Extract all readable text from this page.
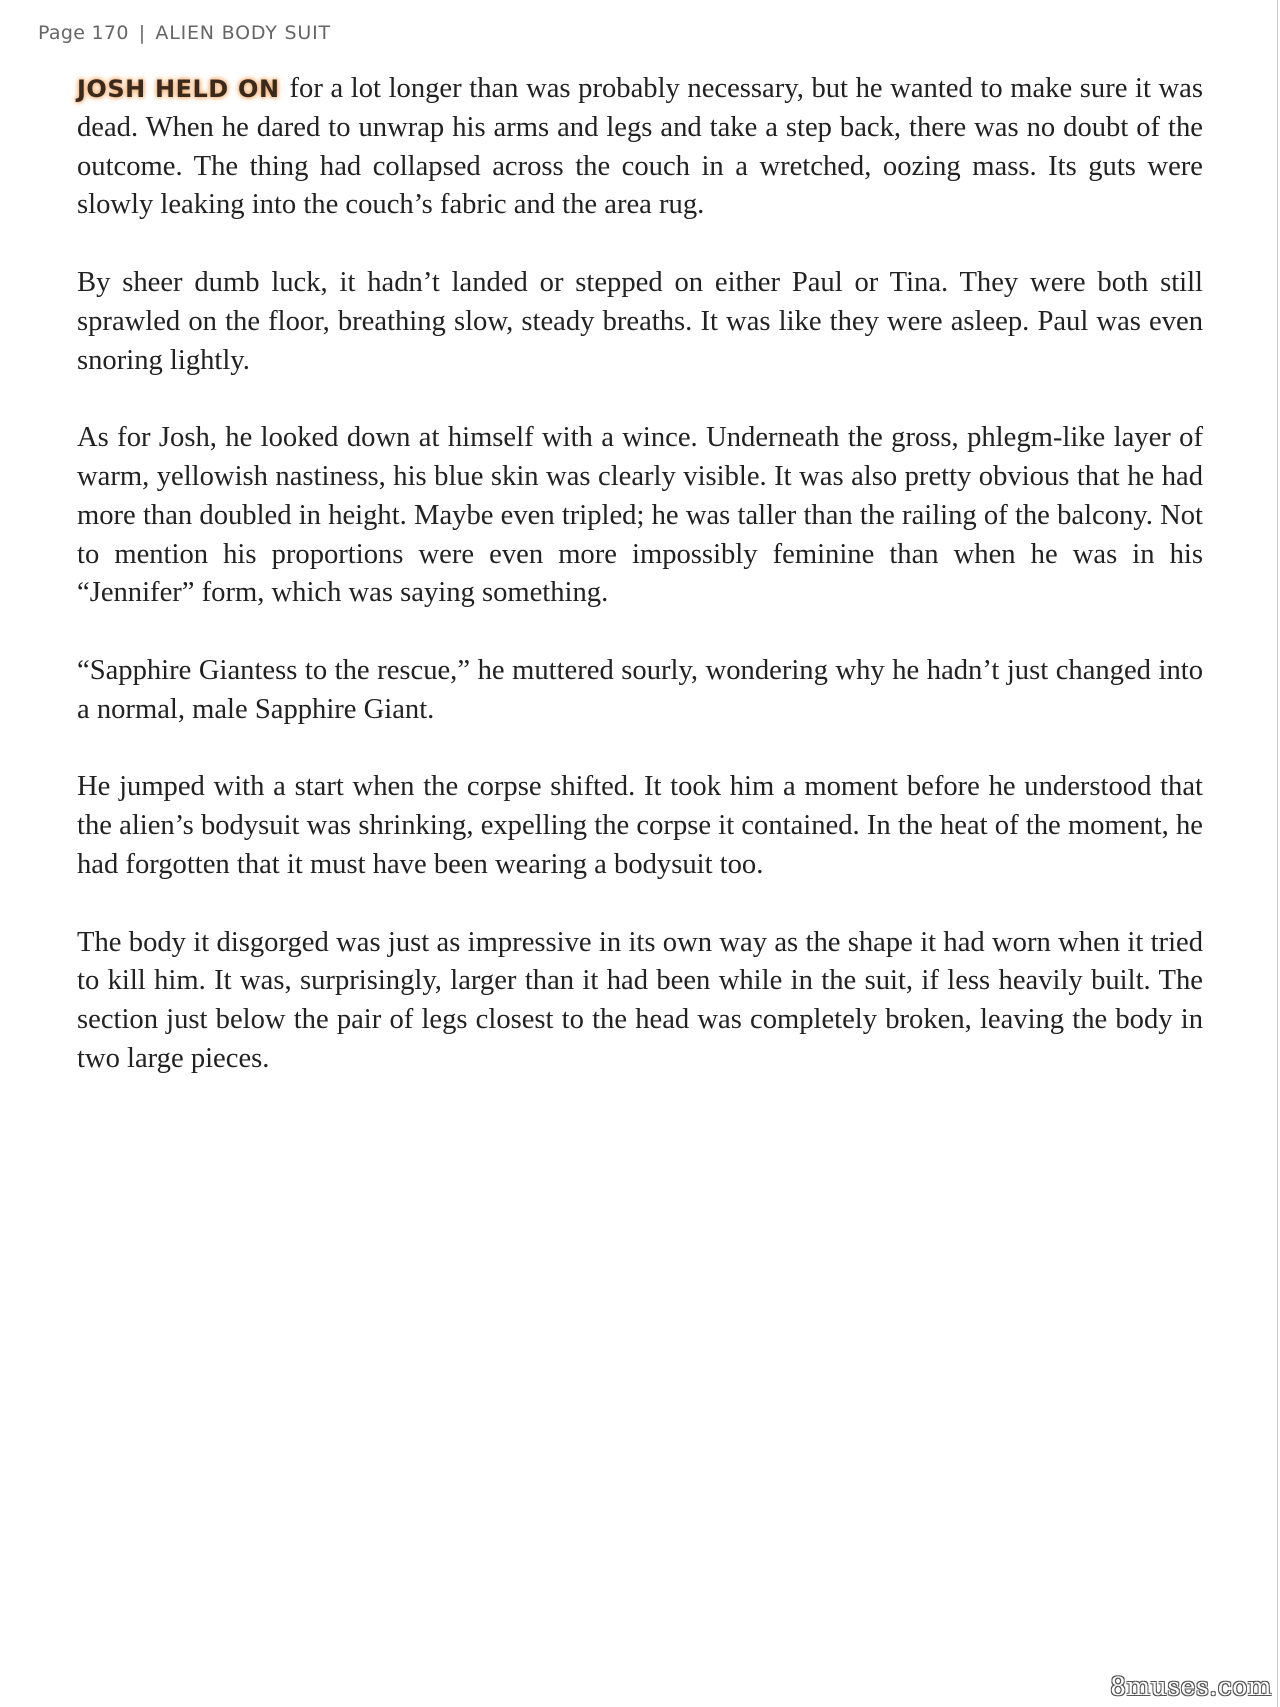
Page 170 | ALIEN BODY SUIT

JOSH HELD ON for a lot longer than was probably necessary, but he wanted to make sure it was dead. When he dared to unwrap his arms and legs and take a step back, there was no doubt of the outcome. The thing had collapsed across the couch in a wretched, oozing mass. Its guts were slowly leaking into the couch’s fabric and the area rug.

By sheer dumb luck, it hadn’t landed or stepped on either Paul or Tina. They were both still sprawled on the floor, breathing slow, steady breaths. It was like they were asleep. Paul was even snoring lightly.

As for Josh, he looked down at himself with a wince. Underneath the gross, phlegm-like layer of warm, yellowish nastiness, his blue skin was clearly visible. It was also pretty obvious that he had more than doubled in height. Maybe even tripled; he was taller than the railing of the balcony. Not to mention his proportions were even more impossibly feminine than when he was in his “Jennifer” form, which was saying something.

“Sapphire Giantess to the rescue,” he muttered sourly, wondering why he hadn’t just changed into a normal, male Sapphire Giant.

He jumped with a start when the corpse shifted. It took him a moment before he understood that the alien’s bodysuit was shrinking, expelling the corpse it contained. In the heat of the moment, he had forgotten that it must have been wearing a bodysuit too.

The body it disgorged was just as impressive in its own way as the shape it had worn when it tried to kill him. It was, surprisingly, larger than it had been while in the suit, if less heavily built. The section just below the pair of legs closest to the head was completely broken, leaving the body in two large pieces.

8muses.com
